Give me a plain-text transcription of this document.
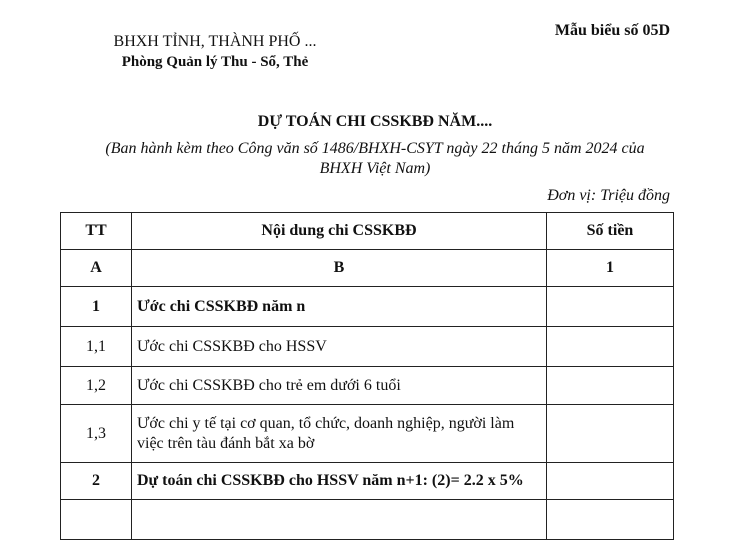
BHXH TỈNH, THÀNH PHỐ ...
Phòng Quản lý Thu - Sổ, Thẻ
Mẫu biểu số 05D
DỰ TOÁN CHI CSSKBĐ NĂM....
(Ban hành kèm theo Công văn số 1486/BHXH-CSYT ngày 22 tháng 5 năm 2024 của
BHXH Việt Nam)
Đơn vị: Triệu đồng
TT	Nội dung chi CSSKBĐ	Số tiền
A	B	1
1	Ước chi CSSKBĐ năm n	
1,1	Ước chi CSSKBĐ cho HSSV	
1,2	Ước chi CSSKBĐ cho trẻ em dưới 6 tuổi	
1,3	Ước chi y tế tại cơ quan, tổ chức, doanh nghiệp, người làm việc trên tàu đánh bắt xa bờ	
2	Dự toán chi CSSKBĐ cho HSSV năm n+1: (2)= 2.2 x 5%	
